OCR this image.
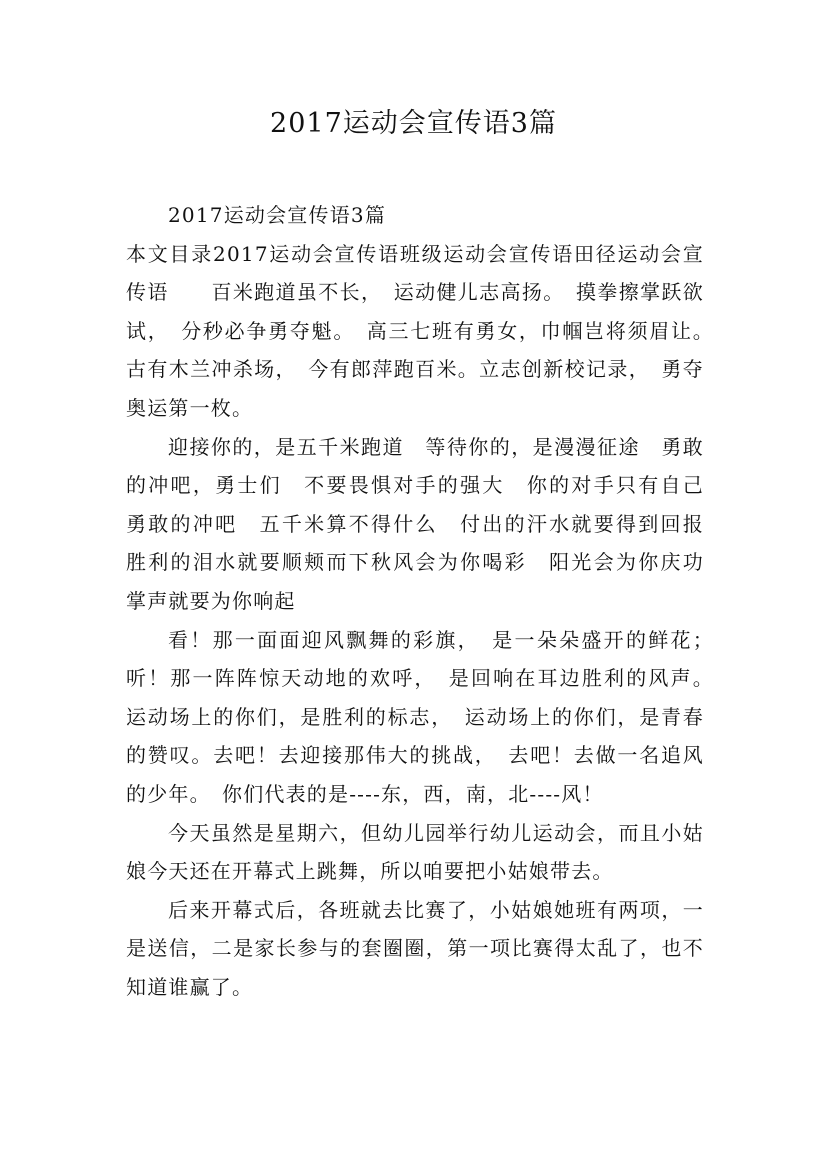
2017运动会宣传语3篇

2017运动会宣传语3篇

本文目录2017运动会宣传语班级运动会宣传语田径运动会宣传语　　百米跑道虽不长，　运动健儿志高扬。　摸拳擦掌跃欲试，　分秒必争勇夺魁。　高三七班有勇女，巾帼岂将须眉让。　古有木兰冲杀场，　今有郎萍跑百米。立志创新校记录，　勇夺奥运第一枚。

迎接你的，是五千米跑道　等待你的，是漫漫征途　勇敢的冲吧，勇士们　不要畏惧对手的强大　你的对手只有自己　勇敢的冲吧　五千米算不得什么　付出的汗水就要得到回报　胜利的泪水就要顺颊而下秋风会为你喝彩　阳光会为你庆功　掌声就要为你响起

看！那一面面迎风飘舞的彩旗，　是一朵朵盛开的鲜花；　听！那一阵阵惊天动地的欢呼，　是回响在耳边胜利的风声。　运动场上的你们，是胜利的标志，　运动场上的你们，是青春的赞叹。去吧！去迎接那伟大的挑战，　去吧！去做一名追风的少年。　你们代表的是----东，西，南，北----风！

今天虽然是星期六，但幼儿园举行幼儿运动会，而且小姑娘今天还在开幕式上跳舞，所以咱要把小姑娘带去。

后来开幕式后，各班就去比赛了，小姑娘她班有两项，一是送信，二是家长参与的套圈圈，第一项比赛得太乱了，也不知道谁赢了。
